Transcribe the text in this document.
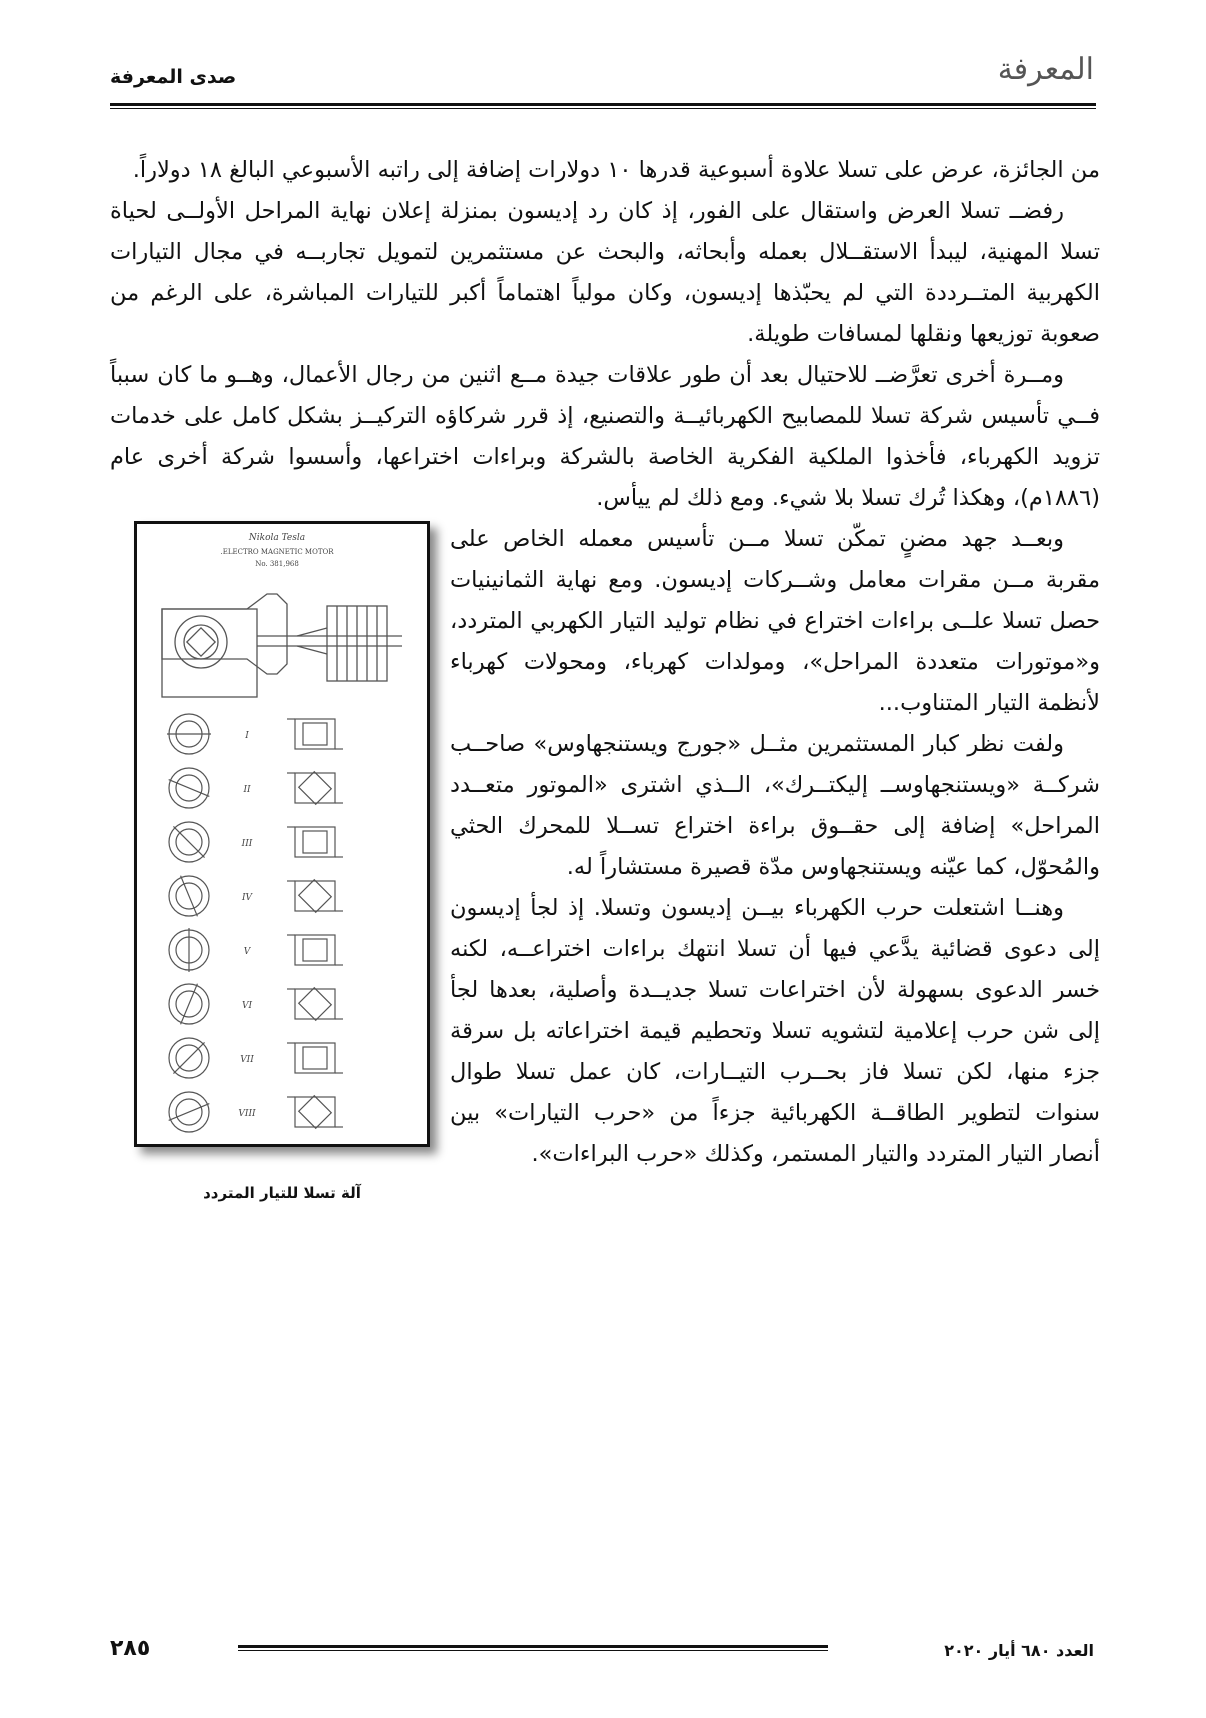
المعرفة
صدى المعرفة

من الجائزة، عرض على تسلا علاوة أسبوعية قدرها ١٠ دولارات إضافة إلى راتبه الأسبوعي البالغ ١٨ دولاراً.

رفضــ تسلا العرض واستقال على الفور، إذ كان رد إديسون بمنزلة إعلان نهاية المراحل الأولــى لحياة تسلا المهنية، ليبدأ الاستقــلال بعمله وأبحاثه، والبحث عن مستثمرين لتمويل تجاربــه في مجال التيارات الكهربية المتــرددة التي لم يحبّذها إديسون، وكان مولياً اهتماماً أكبر للتيارات المباشرة، على الرغم من صعوبة توزيعها ونقلها لمسافات طويلة.

ومــرة أخرى تعرَّضــ للاحتيال بعد أن طور علاقات جيدة مــع اثنين من رجال الأعمال، وهــو ما كان سبباً فــي تأسيس شركة تسلا للمصابيح الكهربائيــة والتصنيع، إذ قرر شركاؤه التركيــز بشكل كامل على خدمات تزويد الكهرباء، فأخذوا الملكية الفكرية الخاصة بالشركة وبراءات اختراعها، وأسسوا شركة أخرى عام (١٨٨٦م)، وهكذا تُرك تسلا بلا شيء. ومع ذلك لم ييأس.

Nikola Tesla
ELECTRO MAGNETIC MOTOR.
No. 381,968
I
II
III
IV
V
VI
VII
VIII
آلة تسلا للتيار المتردد

وبعــد جهد مضنٍ تمكّن تسلا مــن تأسيس معمله الخاص على مقربة مــن مقرات معامل وشــركات إديسون. ومع نهاية الثمانينيات حصل تسلا علــى براءات اختراع في نظام توليد التيار الكهربي المتردد، و«موتورات متعددة المراحل»، ومولدات كهرباء، ومحولات كهرباء لأنظمة التيار المتناوب...

ولفت نظر كبار المستثمرين مثــل «جورج ويستنجهاوس» صاحــب شركــة «ويستنجهاوســ إليكتــرك»، الــذي اشترى «الموتور متعــدد المراحل» إضافة إلى حقــوق براءة اختراع تســلا للمحرك الحثي والمُحوّل، كما عيّنه ويستنجهاوس مدّة قصيرة مستشاراً له.

وهنــا اشتعلت حرب الكهرباء بيــن إديسون وتسلا. إذ لجأ إديسون إلى دعوى قضائية يدَّعي فيها أن تسلا انتهك براءات اختراعــه، لكنه خسر الدعوى بسهولة لأن اختراعات تسلا جديــدة وأصلية، بعدها لجأ إلى شن حرب إعلامية لتشويه تسلا وتحطيم قيمة اختراعاته بل سرقة جزء منها، لكن تسلا فاز بحــرب التيــارات، كان عمل تسلا طوال سنوات لتطوير الطاقــة الكهربائية جزءاً من «حرب التيارات» بين أنصار التيار المتردد والتيار المستمر، وكذلك «حرب البراءات».

العدد ٦٨٠ أيار ٢٠٢٠
٢٨٥
